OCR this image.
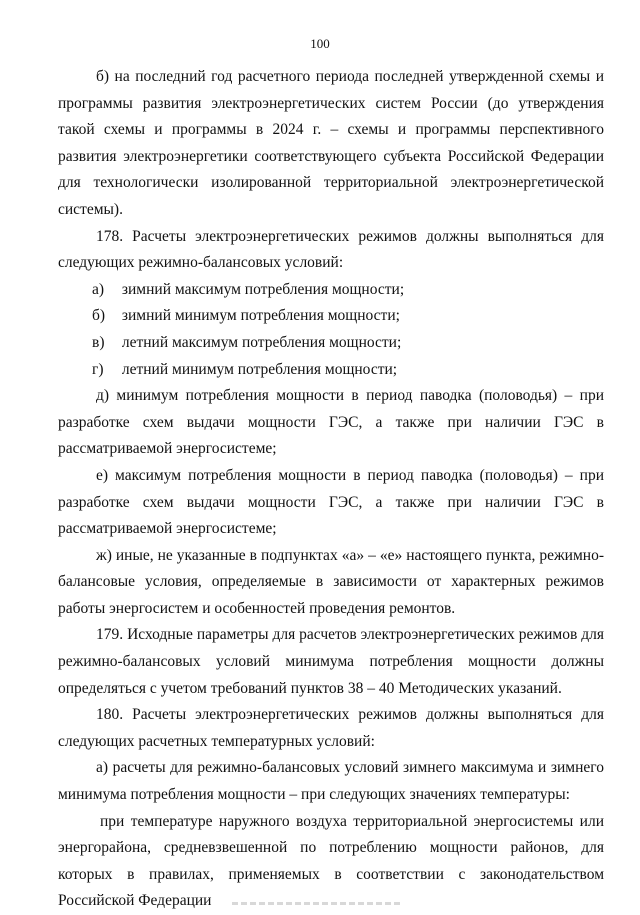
100

б) на последний год расчетного периода последней утвержденной схемы и программы развития электроэнергетических систем России (до утверждения такой схемы и программы в 2024 г. – схемы и программы перспективного развития электроэнергетики соответствующего субъекта Российской Федерации для технологически изолированной территориальной электроэнергетической системы).

178. Расчеты электроэнергетических режимов должны выполняться для следующих режимно-балансовых условий:

а) зимний максимум потребления мощности;

б) зимний минимум потребления мощности;

в) летний максимум потребления мощности;

г) летний минимум потребления мощности;

д) минимум потребления мощности в период паводка (половодья) – при разработке схем выдачи мощности ГЭС, а также при наличии ГЭС в рассматриваемой энергосистеме;

е) максимум потребления мощности в период паводка (половодья) – при разработке схем выдачи мощности ГЭС, а также при наличии ГЭС в рассматриваемой энергосистеме;

ж) иные, не указанные в подпунктах «а» – «е» настоящего пункта, режимно-балансовые условия, определяемые в зависимости от характерных режимов работы энергосистем и особенностей проведения ремонтов.

179. Исходные параметры для расчетов электроэнергетических режимов для режимно-балансовых условий минимума потребления мощности должны определяться с учетом требований пунктов 38 – 40 Методических указаний.

180. Расчеты электроэнергетических режимов должны выполняться для следующих расчетных температурных условий:

а) расчеты для режимно-балансовых условий зимнего максимума и зимнего минимума потребления мощности – при следующих значениях температуры:

при температуре наружного воздуха территориальной энергосистемы или энергорайона, средневзвешенной по потреблению мощности районов, для которых в правилах, применяемых в соответствии с законодательством Российской Федерации
